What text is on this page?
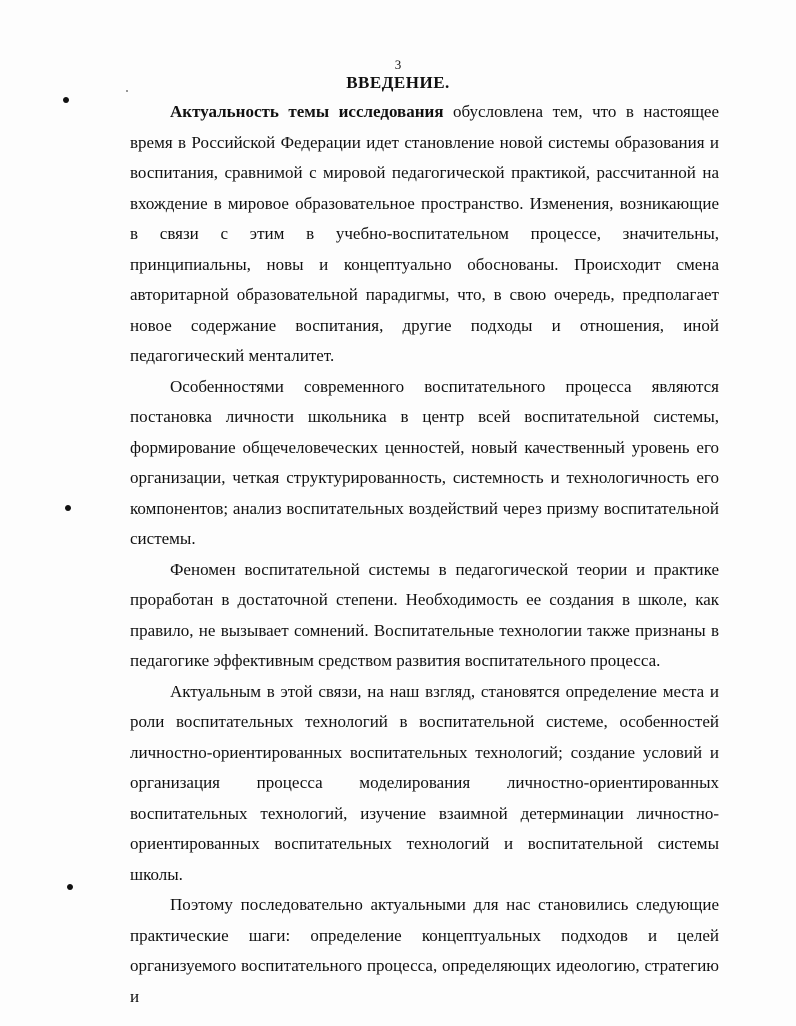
3
ВВЕДЕНИЕ.

Актуальность темы исследования обусловлена тем, что в настоящее время в Российской Федерации идет становление новой системы образования и воспитания, сравнимой с мировой педагогической практикой, рассчитанной на вхождение в мировое образовательное пространство. Изменения, возникающие в связи с этим в учебно-воспитательном процессе, значительны, принципиальны, новы и концептуально обоснованы. Происходит смена авторитарной образовательной парадигмы, что, в свою очередь, предполагает новое содержание воспитания, другие подходы и отношения, иной педагогический менталитет.

Особенностями современного воспитательного процесса являются постановка личности школьника в центр всей воспитательной системы, формирование общечеловеческих ценностей, новый качественный уровень его организации, четкая структурированность, системность и технологичность его компонентов; анализ воспитательных воздействий через призму воспитательной системы.

Феномен воспитательной системы в педагогической теории и практике проработан в достаточной степени. Необходимость ее создания в школе, как правило, не вызывает сомнений. Воспитательные технологии также признаны в педагогике эффективным средством развития воспитательного процесса.

Актуальным в этой связи, на наш взгляд, становятся определение места и роли воспитательных технологий в воспитательной системе, особенностей личностно-ориентированных воспитательных технологий; создание условий и организация процесса моделирования личностно-ориентированных воспитательных технологий, изучение взаимной детерминации личностно-ориентированных воспитательных технологий и воспитательной системы школы.

Поэтому последовательно актуальными для нас становились следующие практические шаги: определение концептуальных подходов и целей организуемого воспитательного процесса, определяющих идеологию, стратегию и
